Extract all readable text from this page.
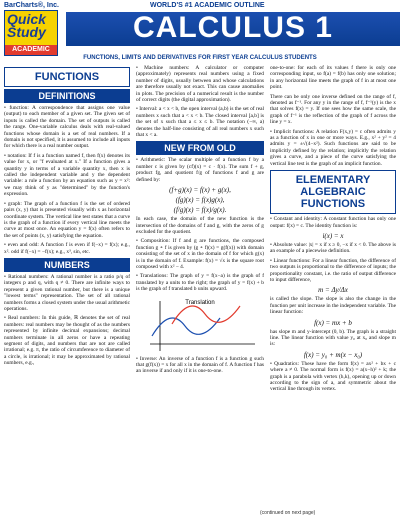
BarCharts®, Inc.
Quick
Study
ACADEMIC
WORLD'S #1 ACADEMIC OUTLINE
CALCULUS 1
FUNCTIONS, LIMITS AND DERIVATIVES FOR FIRST YEAR CALCULUS STUDENTS
FUNCTIONS
DEFINITIONS

• function: A correspondence that assigns one value (output) to each member of a given set. The given set of inputs is called the domain. The set of outputs is called the range. One-variable calculus deals with real-valued functions whose domain is a set of real numbers. If a domain is not specified, it is assumed to include all inputs for which there is a real number output.

• notation: If f is a function named f, then f(x) denotes its value for x, or "f evaluated at x." If a function gives a quantity y in terms of a variable quantity x, then x is called the independent variable and y the dependent variable: a rule a function by an equation such as y = x²: we may think of y as "determined" by the function's expression.

• graph: The graph of a function f is the set of ordered pairs (x, y) that is presented visually with x as horizontal coordinate system. The vertical line test states that a curve is the graph of a function if every vertical line meets the curve at most once. An equation y = f(x) often refers to the set of points (x, y) satisfying the equation.

• even and odd: A function f is even if f(−x) = f(x); e.g., x². odd if f(−x) = −f(x); e.g., x³, sin, etc.

NUMBERS

• Rational numbers: A rational number is a ratio p/q of integers p and q, with q ≠ 0. There are infinite ways to represent a given rational number, but there is a unique "lowest terms" representation. The set of all rational numbers forms a closed system under the usual arithmetic operations.

• Real numbers: In this guide, ℝ denotes the set of real numbers: real numbers may be thought of as the numbers represented by infinite decimal expansions; decimal numbers terminate in all zeros or have a repeating segment of digits, and numbers that are not are called irrational; e.g. π, the ratio of circumference to diameter of a circle, is irrational; it may be approximated by rational numbers, e.g.,

• Machine numbers: A calculator or computer (approximately) represents real numbers using a fixed number of digits, usually between and whose calculations are therefore usually not exact. This can cause anomalies in plots. The precision of a numerical result is the number of correct digits (the digital approximation).

• Interval: a < x < b, the open interval (a,b) is the set of real numbers x such that a < x < b. The closed interval [a,b] is the set of x such that a ≤ x ≤ b. The notation (−∞, a) denotes the half-line consisting of all real numbers x such that x < a.

NEW FROM OLD

• Arithmetic: The scalar multiple of a function f by a number c is given by (cf)(x) = c · f(x). The sum f + g, product fg, and quotient f/g of functions f and g are defined by:

(f+g)(x) = f(x) + g(x),
(fg)(x) = f(x)g(x),
(f/g)(x) = f(x)/g(x).

In each case, the domain of the new function is the intersection of the domains of f and g, with the zeros of g excluded for the quotient.

• Composition: If f and g are functions, the composed function g ∘ f is given by (g ∘ f)(x) = g(f(x)) with domain consisting of the set of x in the domain of f for which g(x) is in the domain of f. Example: f(x) = √x is the square root composed with x² − 4.

• Translations: The graph of y = f(x−a) is the graph of f translated by a units to the right; the graph of y = f(x) + b is the graph of f translated b units upward.

Translation

• Inverse: An inverse of a function f is a function g such that g(f(x)) = x for all x in the domain of f. A function f has an inverse if and only if it is one-to-one.

one-to-one: for each of its values f there is only one corresponding input, so f(a) = f(b) has only one solution; in any horizontal line meets the graph of f in at most one point.

There can be only one inverse defined on the range of f, denoted as f⁻¹. For any y in the range of f, f⁻¹(y) is the x that solves f(x) = y. If one sees how the same scale, the graph of f⁻¹ is the reflection of the graph of f across the line y = x.

• Implicit functions: A relation F(x,y) = c often admits y as a function of x in one or more ways. E.g., x² + y² = 4 admits y = ±√(4−x²). Such functions are said to be implicitly defined by the relation; implicitly the relation gives a curve, and a piece of the curve satisfying the vertical line test is the graph of an implicit function.

ELEMENTARY ALGEBRAIC FUNCTIONS

• Constant and identity: A constant function has only one output: f(x) = c. The identity function is:

i(x) = x

• Absolute value: |x| = x if x ≥ 0, −x if x < 0. The above is an example of a piecewise definition.

• Linear functions: For a linear function, the difference of two outputs is proportional to the difference of inputs; the proportionality constant, i.e. the ratio of output difference to input difference,

m = Δy/Δx

is called the slope. The slope is also the change in the function per unit increase in the independent variable. The linear function:

f(x) = mx + b

has slope m and y-intercept (0, b). The graph is a straight line. The linear function with value y₀ at x₀ and slope m is:

f(x) = y₀ + m(x − x₀)

• Quadratics: These have the form f(x) = ax² + bx + c where a ≠ 0. The normal form is f(x) = a(x−h)² + k; the graph is a parabola with vertex (h,k), opening up or down according to the sign of a, and symmetric about the vertical line through its vertex.

(continued on next page)
